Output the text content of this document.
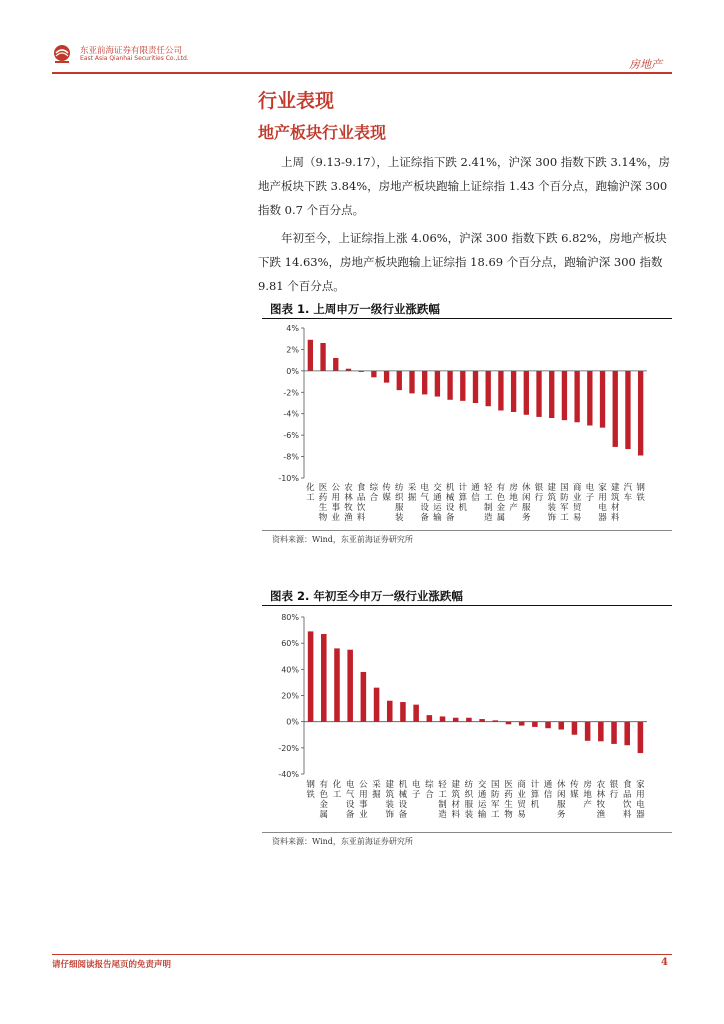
东亚前海证券有限责任公司
East Asia Qianhai Securities Co.,Ltd.	房地产
行业表现
地产板块行业表现
上周（9.13-9.17），上证综指下跌 2.41%，沪深 300 指数下跌 3.14%，房地产板块下跌 3.84%，房地产板块跑输上证综指 1.43 个百分点，跑输沪深 300 指数 0.7 个百分点。
年初至今，上证综指上涨 4.06%，沪深 300 指数下跌 6.82%，房地产板块下跌 14.63%，房地产板块跑输上证综指 18.69 个百分点，跑输沪深 300 指数 9.81 个百分点。
图表 1. 上周申万一级行业涨跌幅
4%
2%
0%
-2%
-4%
-6%
-8%
-10%
化
工
医
药
生
物
公
用
事
业
农
林
牧
渔
食
品
饮
料
综
合
传
媒
纺
织
服
装
采
掘
电
气
设
备
交
通
运
输
机
械
设
备
计
算
机
通
信
轻
工
制
造
有
色
金
属
房
地
产
休
闲
服
务
银
行
建
筑
装
饰
国
防
军
工
商
业
贸
易
电
子
家
用
电
器
建
筑
材
料
汽
车
钢
铁
资料来源：Wind，东亚前海证券研究所
图表 2. 年初至今申万一级行业涨跌幅
80%
60%
40%
20%
0%
-20%
-40%
钢
铁
有
色
金
属
化
工
电
气
设
备
公
用
事
业
采
掘
建
筑
装
饰
机
械
设
备
电
子
综
合
轻
工
制
造
建
筑
材
料
纺
织
服
装
交
通
运
输
国
防
军
工
医
药
生
物
商
业
贸
易
计
算
机
通
信
休
闲
服
务
传
媒
房
地
产
农
林
牧
渔
银
行
食
品
饮
料
家
用
电
器
资料来源：Wind，东亚前海证券研究所
请仔细阅读报告尾页的免责声明	4
